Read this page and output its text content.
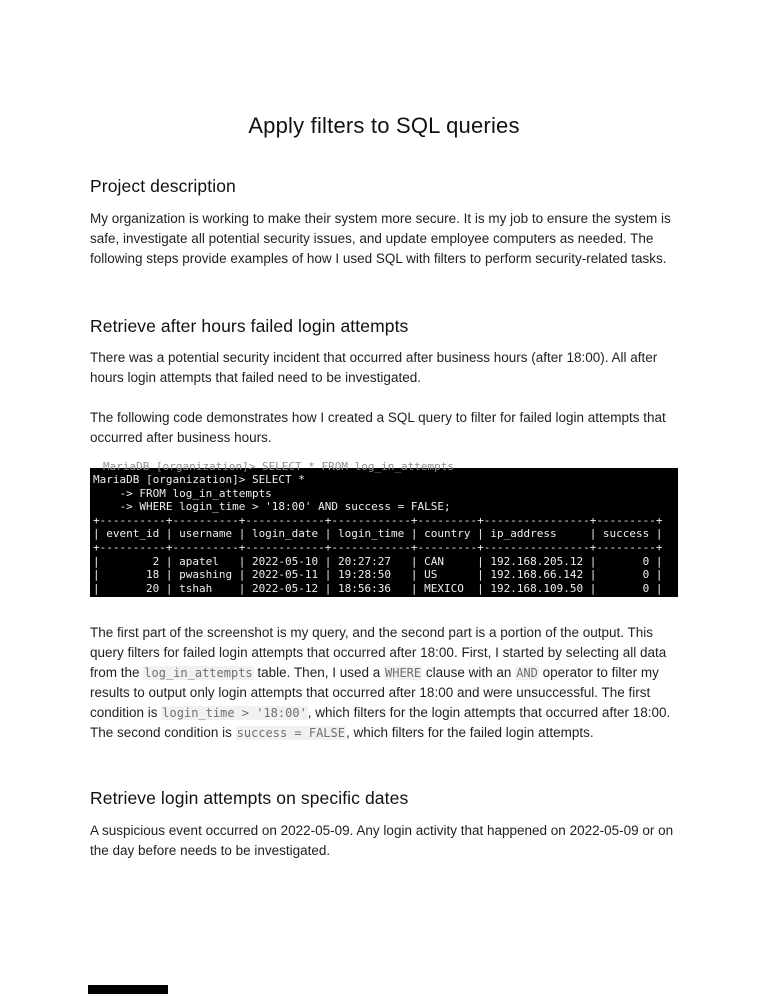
Apply filters to SQL queries
Project description
My organization is working to make their system more secure. It is my job to ensure the system is safe, investigate all potential security issues, and update employee computers as needed. The following steps provide examples of how I used SQL with filters to perform security-related tasks.
Retrieve after hours failed login attempts
There was a potential security incident that occurred after business hours (after 18:00). All after hours login attempts that failed need to be investigated.
The following code demonstrates how I created a SQL query to filter for failed login attempts that occurred after business hours.
MariaDB [organization]> SELECT * FROM log_in_attempts
MariaDB [organization]> SELECT *
-> FROM log_in_attempts
-> WHERE login_time > '18:00' AND success = FALSE;
+----------+----------+------------+------------+---------+----------------+---------+
| event_id | username | login_date | login_time | country | ip_address     | success |
+----------+----------+------------+------------+---------+----------------+---------+
|        2 | apatel   | 2022-05-10 | 20:27:27   | CAN     | 192.168.205.12 |       0 |
|       18 | pwashing | 2022-05-11 | 19:28:50   | US      | 192.168.66.142 |       0 |
|       20 | tshah    | 2022-05-12 | 18:56:36   | MEXICO  | 192.168.109.50 |       0 |
The first part of the screenshot is my query, and the second part is a portion of the output. This query filters for failed login attempts that occurred after 18:00. First, I started by selecting all data from the log_in_attempts table. Then, I used a WHERE clause with an AND operator to filter my results to output only login attempts that occurred after 18:00 and were unsuccessful. The first condition is login_time > '18:00', which filters for the login attempts that occurred after 18:00. The second condition is success = FALSE, which filters for the failed login attempts.
Retrieve login attempts on specific dates
A suspicious event occurred on 2022-05-09. Any login activity that happened on 2022-05-09 or on the day before needs to be investigated.
